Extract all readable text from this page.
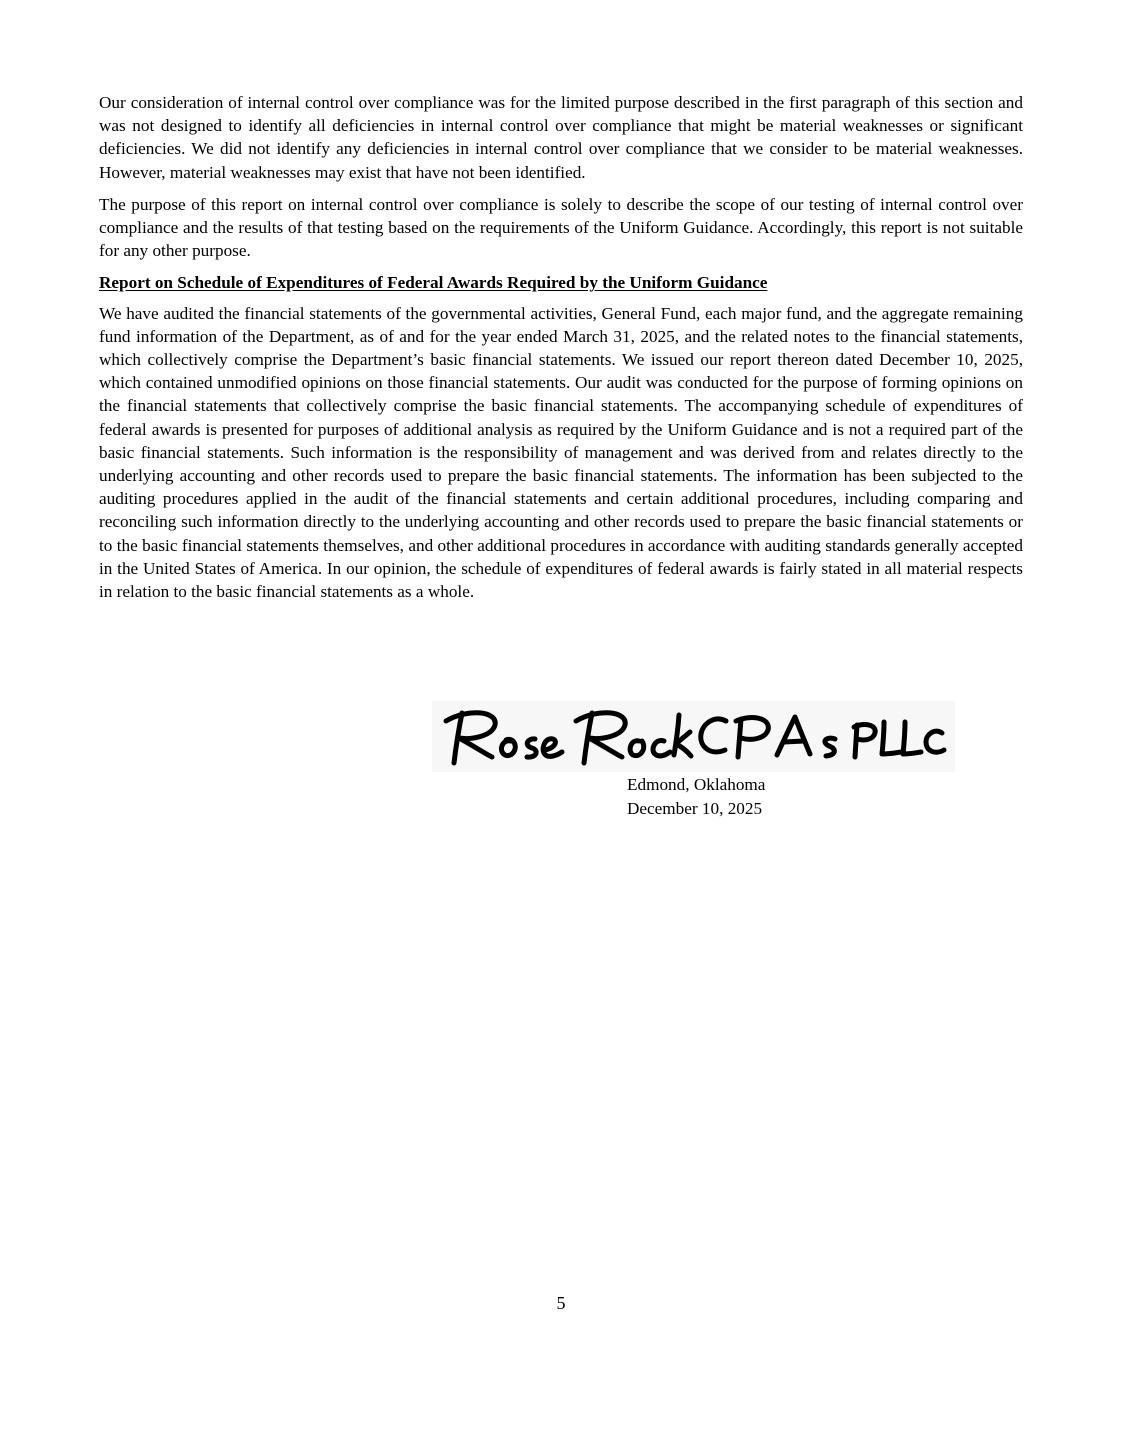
Our consideration of internal control over compliance was for the limited purpose described in the first paragraph of this section and was not designed to identify all deficiencies in internal control over compliance that might be material weaknesses or significant deficiencies. We did not identify any deficiencies in internal control over compliance that we consider to be material weaknesses. However, material weaknesses may exist that have not been identified.

The purpose of this report on internal control over compliance is solely to describe the scope of our testing of internal control over compliance and the results of that testing based on the requirements of the Uniform Guidance. Accordingly, this report is not suitable for any other purpose.

Report on Schedule of Expenditures of Federal Awards Required by the Uniform Guidance

We have audited the financial statements of the governmental activities, General Fund, each major fund, and the aggregate remaining fund information of the Department, as of and for the year ended March 31, 2025, and the related notes to the financial statements, which collectively comprise the Department’s basic financial statements. We issued our report thereon dated December 10, 2025, which contained unmodified opinions on those financial statements. Our audit was conducted for the purpose of forming opinions on the financial statements that collectively comprise the basic financial statements. The accompanying schedule of expenditures of federal awards is presented for purposes of additional analysis as required by the Uniform Guidance and is not a required part of the basic financial statements. Such information is the responsibility of management and was derived from and relates directly to the underlying accounting and other records used to prepare the basic financial statements. The information has been subjected to the auditing procedures applied in the audit of the financial statements and certain additional procedures, including comparing and reconciling such information directly to the underlying accounting and other records used to prepare the basic financial statements or to the basic financial statements themselves, and other additional procedures in accordance with auditing standards generally accepted in the United States of America. In our opinion, the schedule of expenditures of federal awards is fairly stated in all material respects in relation to the basic financial statements as a whole.

Edmond, Oklahoma
December 10, 2025
5
